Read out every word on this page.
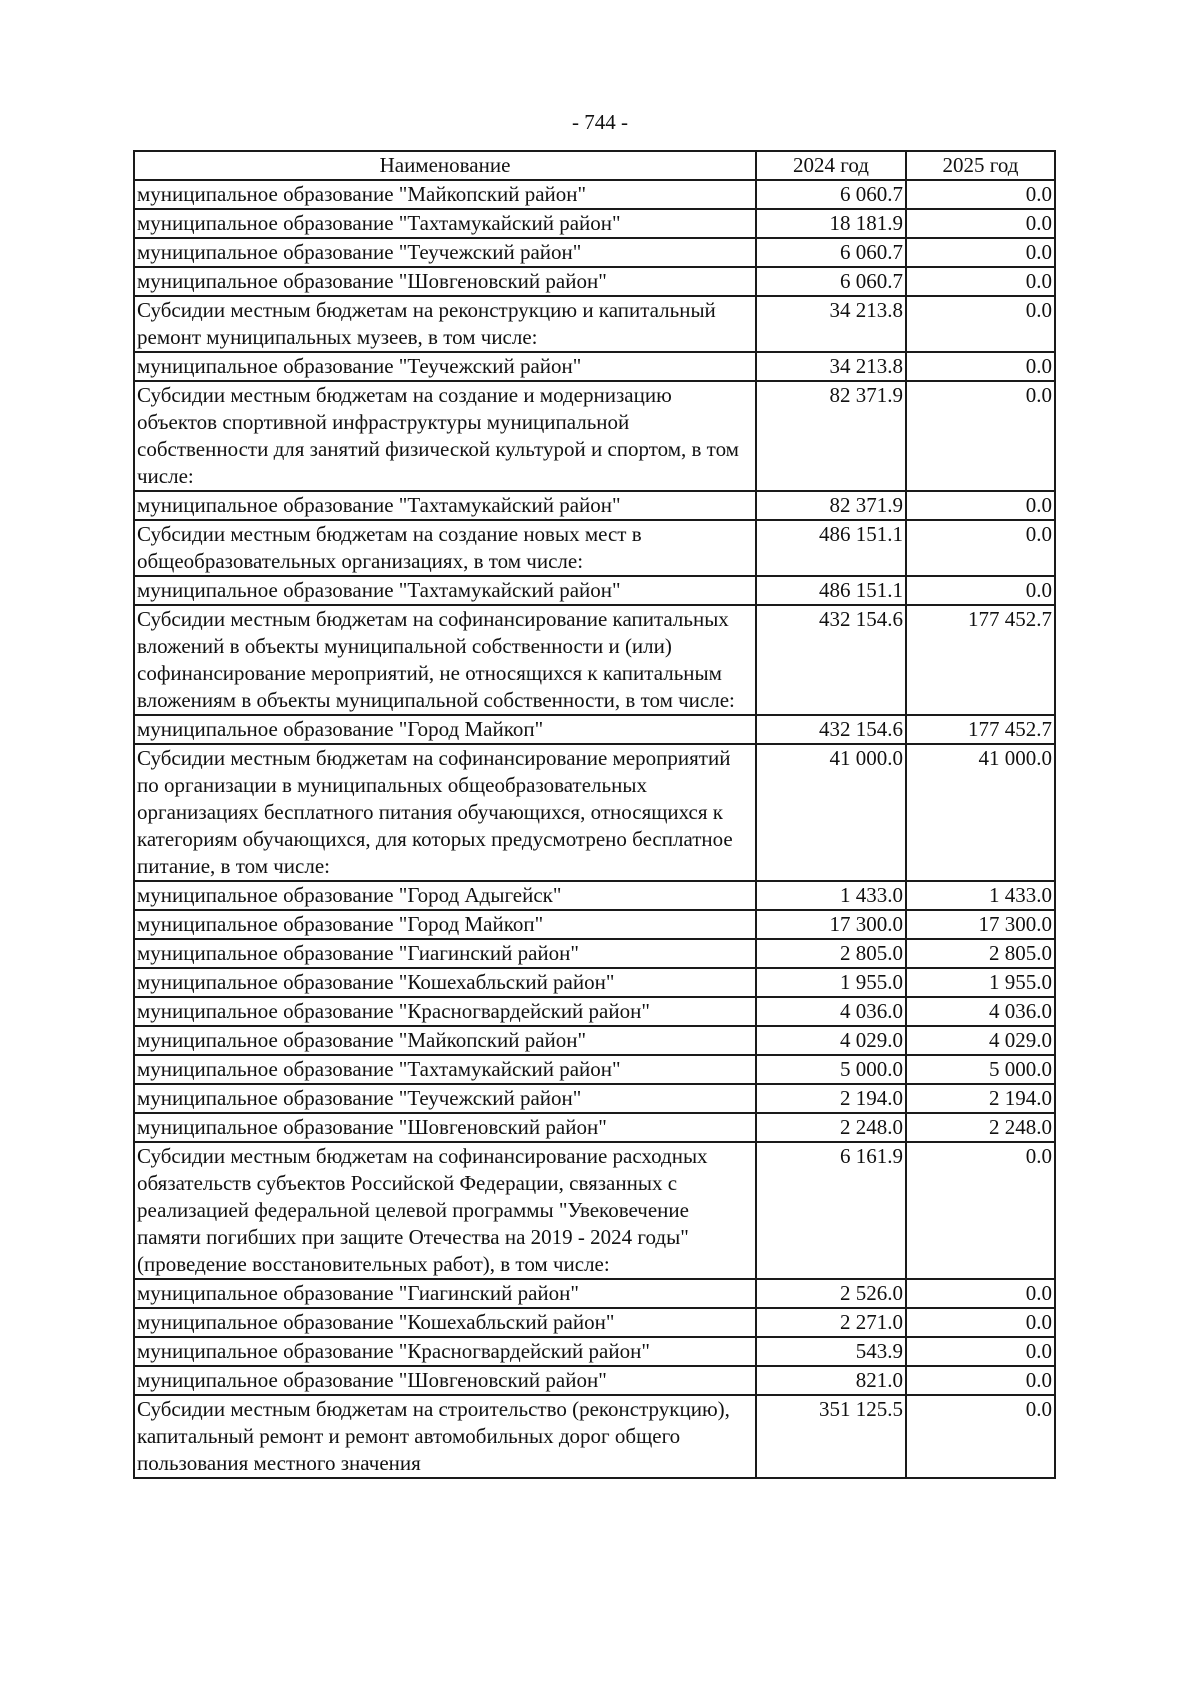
- 744 -
Наименование	2024 год	2025 год
муниципальное образование "Майкопский район"	6 060.7	0.0
муниципальное образование "Тахтамукайский район"	18 181.9	0.0
муниципальное образование "Теучежский район"	6 060.7	0.0
муниципальное образование "Шовгеновский район"	6 060.7	0.0
Субсидии местным бюджетам на реконструкцию и капитальный ремонт муниципальных музеев, в том числе:	34 213.8	0.0
муниципальное образование "Теучежский район"	34 213.8	0.0
Субсидии местным бюджетам на создание и модернизацию объектов спортивной инфраструктуры муниципальной собственности для занятий физической культурой и спортом, в том числе:	82 371.9	0.0
муниципальное образование "Тахтамукайский район"	82 371.9	0.0
Субсидии местным бюджетам на создание новых мест в общеобразовательных организациях, в том числе:	486 151.1	0.0
муниципальное образование "Тахтамукайский район"	486 151.1	0.0
Субсидии местным бюджетам на софинансирование капитальных вложений в объекты муниципальной собственности и (или) софинансирование мероприятий, не относящихся к капитальным вложениям в объекты муниципальной собственности, в том числе:	432 154.6	177 452.7
муниципальное образование "Город Майкоп"	432 154.6	177 452.7
Субсидии местным бюджетам на софинансирование мероприятий по организации в муниципальных общеобразовательных организациях бесплатного питания обучающихся, относящихся к категориям обучающихся, для которых предусмотрено бесплатное питание, в том числе:	41 000.0	41 000.0
муниципальное образование "Город Адыгейск"	1 433.0	1 433.0
муниципальное образование "Город Майкоп"	17 300.0	17 300.0
муниципальное образование "Гиагинский район"	2 805.0	2 805.0
муниципальное образование "Кошехабльский район"	1 955.0	1 955.0
муниципальное образование "Красногвардейский район"	4 036.0	4 036.0
муниципальное образование "Майкопский район"	4 029.0	4 029.0
муниципальное образование "Тахтамукайский район"	5 000.0	5 000.0
муниципальное образование "Теучежский район"	2 194.0	2 194.0
муниципальное образование "Шовгеновский район"	2 248.0	2 248.0
Субсидии местным бюджетам на софинансирование расходных обязательств субъектов Российской Федерации, связанных с реализацией федеральной целевой программы "Увековечение памяти погибших при защите Отечества на 2019 - 2024 годы" (проведение восстановительных работ), в том числе:	6 161.9	0.0
муниципальное образование "Гиагинский район"	2 526.0	0.0
муниципальное образование "Кошехабльский район"	2 271.0	0.0
муниципальное образование "Красногвардейский район"	543.9	0.0
муниципальное образование "Шовгеновский район"	821.0	0.0
Субсидии местным бюджетам на строительство (реконструкцию), капитальный ремонт и ремонт автомобильных дорог общего пользования местного значения	351 125.5	0.0
